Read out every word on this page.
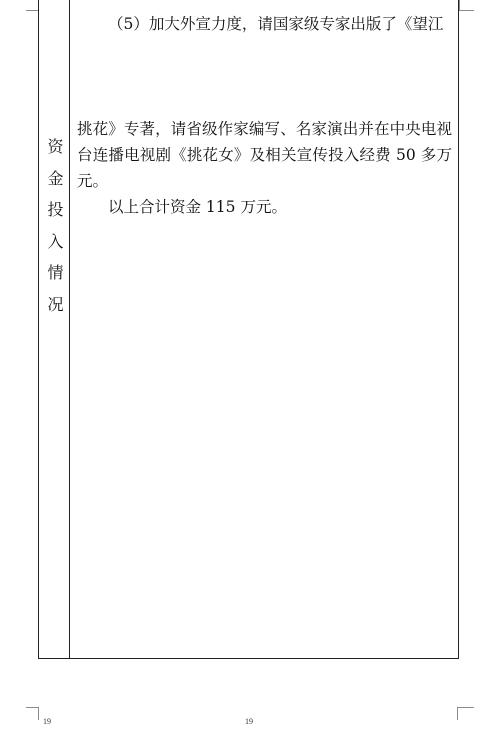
资
金
投
入
情
况

（5）加大外宣力度，请国家级专家出版了《望江

挑花》专著，请省级作家编写、名家演出并在中央电视台连播电视剧《挑花女》及相关宣传投入经费 50 多万元。

以上合计资金 115 万元。

19	19
